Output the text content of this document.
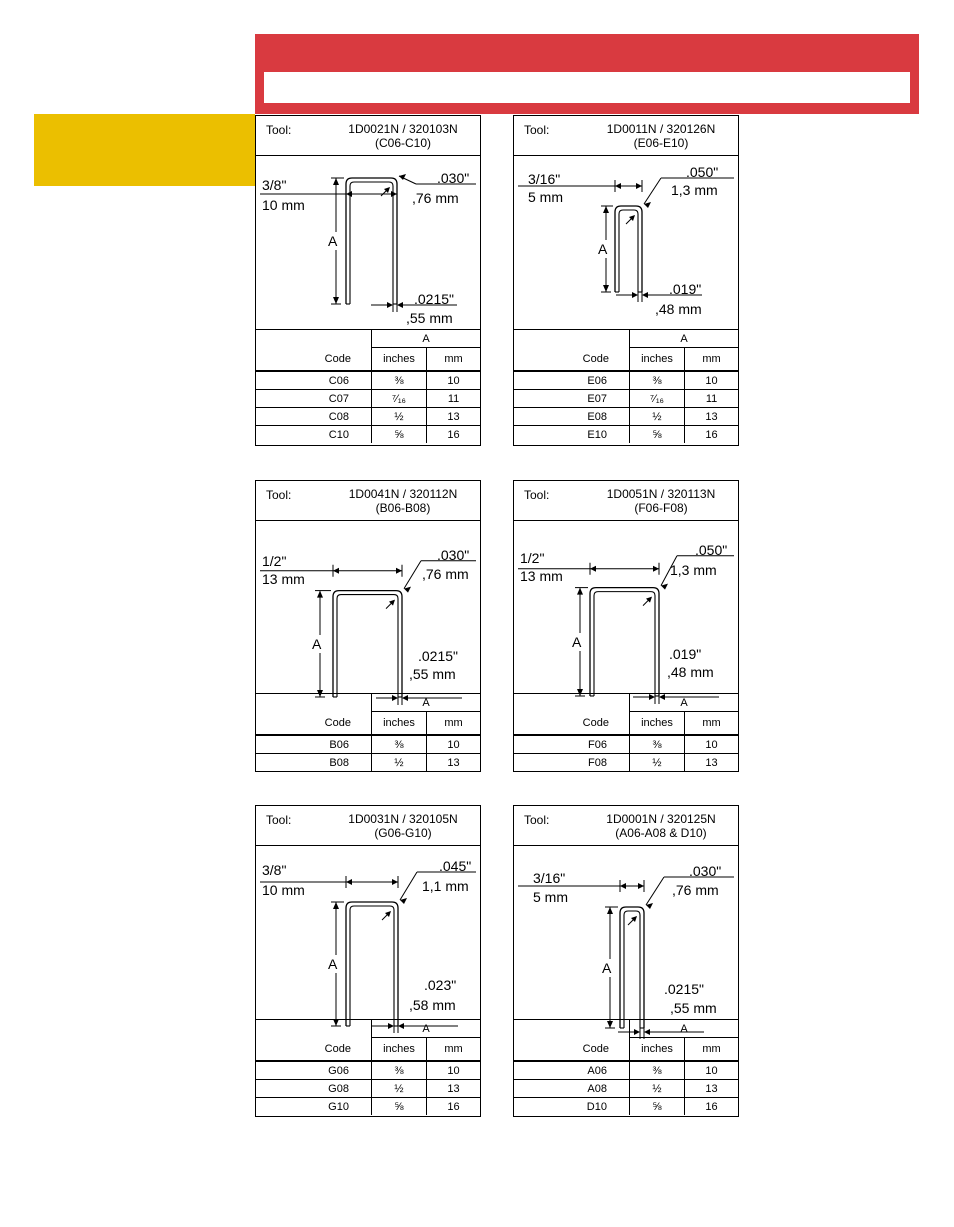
Tool:	1D0021N / 320103N
(C06-C10)
3/8"
10 mm
.030"
,76 mm
.0215"
,55 mm
A
	A	
Code	inches	mm
C06	⅜	10
C07	⁷⁄₁₆	11
C08	½	13
C10	⅝	16
Tool:	1D0011N / 320126N
(E06-E10)
3/16"
5 mm
.050"
1,3 mm
.019"
,48 mm
A
	A	
Code	inches	mm
E06	⅜	10
E07	⁷⁄₁₆	11
E08	½	13
E10	⅝	16
Tool:	1D0041N / 320112N
(B06-B08)
1/2"
13 mm
.030"
,76 mm
.0215"
,55 mm
A
	A	
Code	inches	mm
B06	⅜	10
B08	½	13
Tool:	1D0051N / 320113N
(F06-F08)
1/2"
13 mm
.050"
1,3 mm
.019"
,48 mm
A
	A	
Code	inches	mm
F06	⅜	10
F08	½	13
Tool:	1D0031N / 320105N
(G06-G10)
3/8"
10 mm
.045"
1,1 mm
.023"
,58 mm
A
	A	
Code	inches	mm
G06	⅜	10
G08	½	13
G10	⅝	16
Tool:	1D0001N / 320125N
(A06-A08 & D10)
3/16"
5 mm
.030"
,76 mm
.0215"
,55 mm
A
	A	
Code	inches	mm
A06	⅜	10
A08	½	13
D10	⅝	16
